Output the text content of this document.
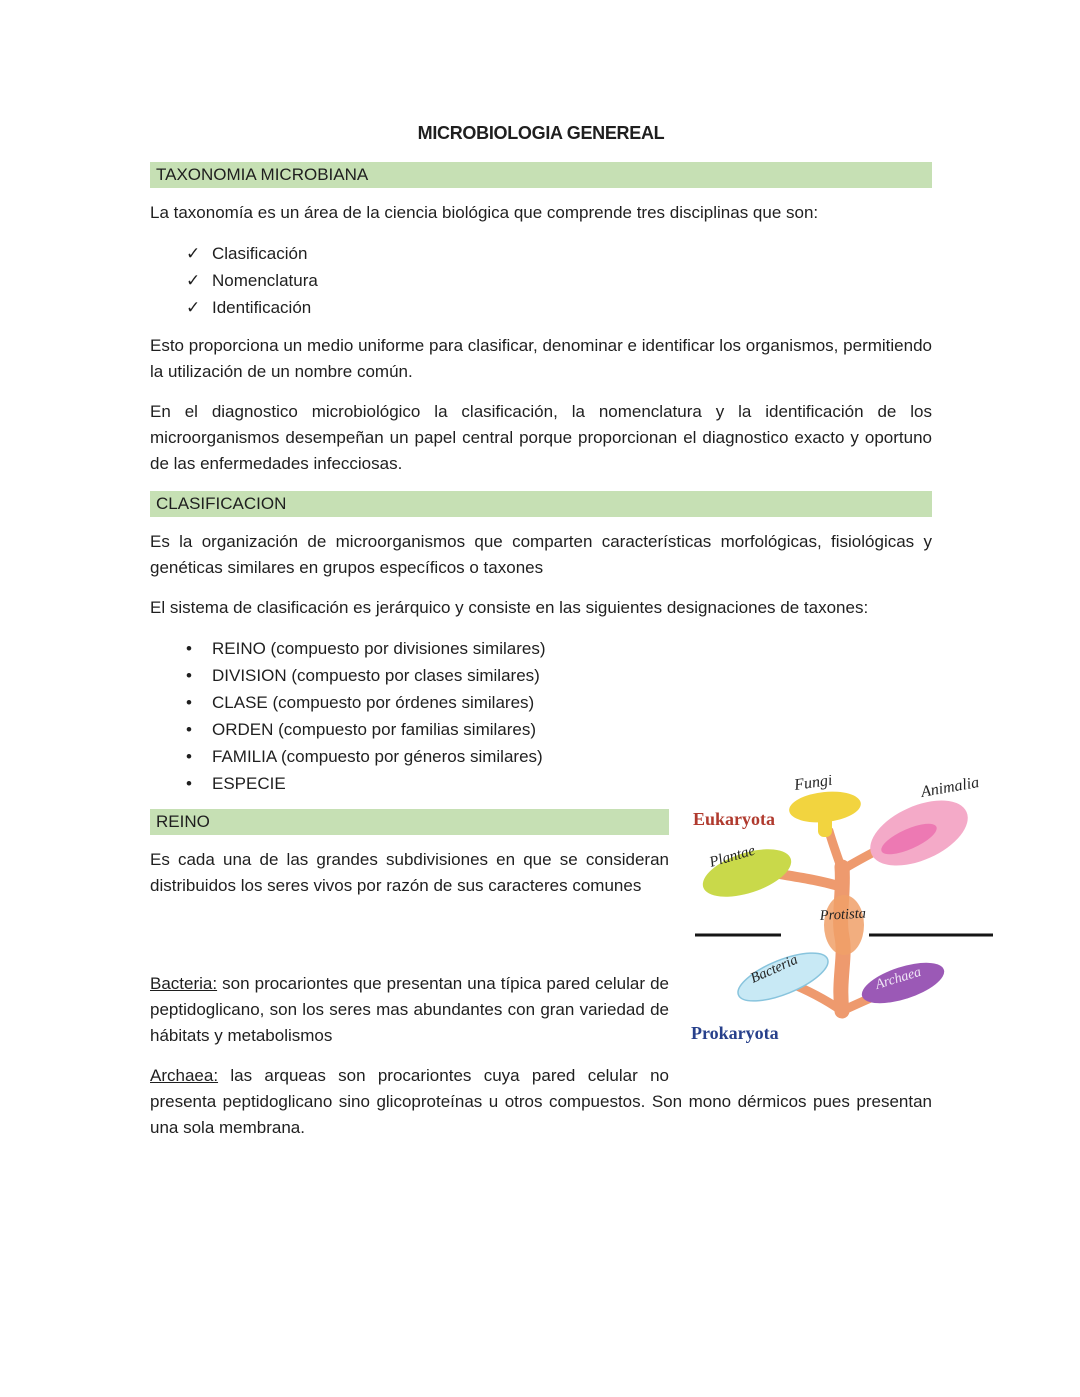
MICROBIOLOGIA GENEREAL
TAXONOMIA MICROBIANA

La taxonomía es un área de la ciencia biológica que comprende tres disciplinas que son:

✓ Clasificación
✓ Nomenclatura
✓ Identificación

Esto proporciona un medio uniforme para clasificar, denominar e identificar los organismos, permitiendo la utilización de un nombre común.

En el diagnostico microbiológico la clasificación, la nomenclatura y la identificación de los microorganismos desempeñan un papel central porque proporcionan el diagnostico exacto y oportuno de las enfermedades infecciosas.

CLASIFICACION

Es la organización de microorganismos que comparten características morfológicas, fisiológicas y genéticas similares en grupos específicos o taxones

El sistema de clasificación es jerárquico y consiste en las siguientes designaciones de taxones:

•	REINO (compuesto por divisiones similares)
•	DIVISION (compuesto por clases similares)
•	CLASE (compuesto por órdenes similares)
•	ORDEN (compuesto por familias similares)
•	FAMILIA (compuesto por géneros similares)
•	ESPECIE	Fungi	Animalia
Eukaryota
Plantae
Protista
Bacteria	Archaea
Prokaryota
REINO

Es cada una de las grandes subdivisiones en que se consideran distribuidos los seres vivos por razón de sus caracteres comunes

Bacteria: son procariontes que presentan una típica pared celular de peptidoglicano, son los seres mas abundantes con gran variedad de hábitats y metabolismos

Archaea: las arqueas son procariontes cuya pared celular no presenta peptidoglicano sino glicoproteínas u otros compuestos. Son mono dérmicos pues presentan una sola membrana.
